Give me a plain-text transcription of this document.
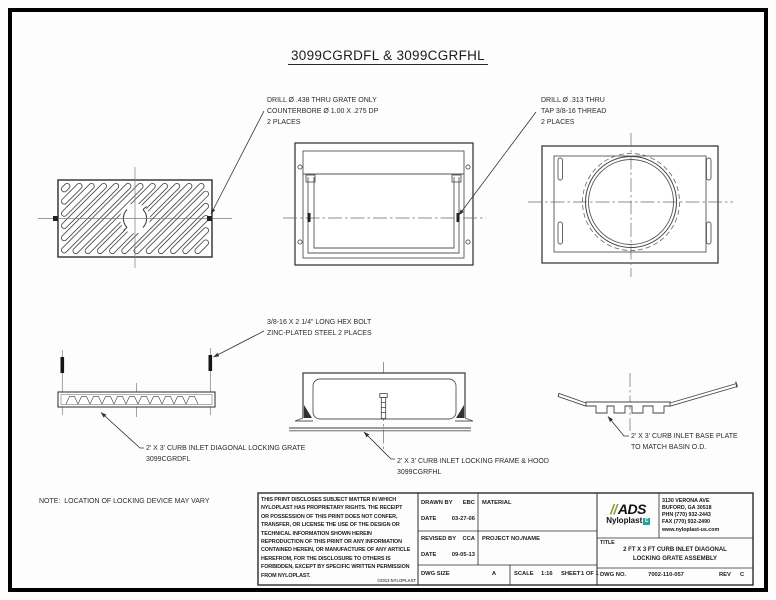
3099CGRDFL & 3099CGRFHL
DRILL Ø .438 THRU GRATE ONLY
COUNTERBORE Ø 1.00 X .275 DP
2 PLACES
DRILL Ø .313 THRU
TAP 3/8-16 THREAD
2 PLACES
3/8-16 X 2 1/4" LONG HEX BOLT
ZINC-PLATED STEEL 2 PLACES
2' X 3' CURB INLET DIAGONAL LOCKING GRATE
3099CGRDFL	2' X 3' CURB INLET LOCKING FRAME & HOOD
3099CGRFHL
2' X 3' CURB INLET BASE PLATE
TO MATCH BASIN O.D.
NOTE:  LOCATION OF LOCKING DEVICE MAY VARY	THIS PRINT DISCLOSES SUBJECT MATTER IN WHICH NYLOPLAST HAS PROPRIETARY RIGHTS. THE RECEIPT OR POSSESSION OF THIS PRINT DOES NOT CONFER, TRANSFER, OR LICENSE THE USE OF THE DESIGN OR TECHNICAL INFORMATION SHOWN HEREIN REPRODUCTION OF THIS PRINT OR ANY INFORMATION CONTAINED HEREIN, OR MANUFACTURE OF ANY ARTICLE HEREFROM, FOR THE DISCLOSURE TO OTHERS IS FORBIDDEN, EXCEPT BY SPECIFIC WRITTEN PERMISSION FROM NYLOPLAST.
©2013 NYLOPLAST
DRAWN BY	EBC
DATE	03-27-06
REVISED BY	CCA
DATE	09-05-13
DWG SIZE	A
MATERIAL
PROJECT NO./NAME
SCALE 1:16 SHEET 1 OF 1
//ADS
Nyloplast C
3130 VERONA AVE
BUFORD, GA 30518
PHN (770) 932-2443
FAX (770) 932-2490
www.nyloplast-us.com
TITLE
2 FT X 3 FT CURB INLET DIAGONAL
LOCKING GRATE ASSEMBLY
DWG NO.	7002-110-057	REV C
